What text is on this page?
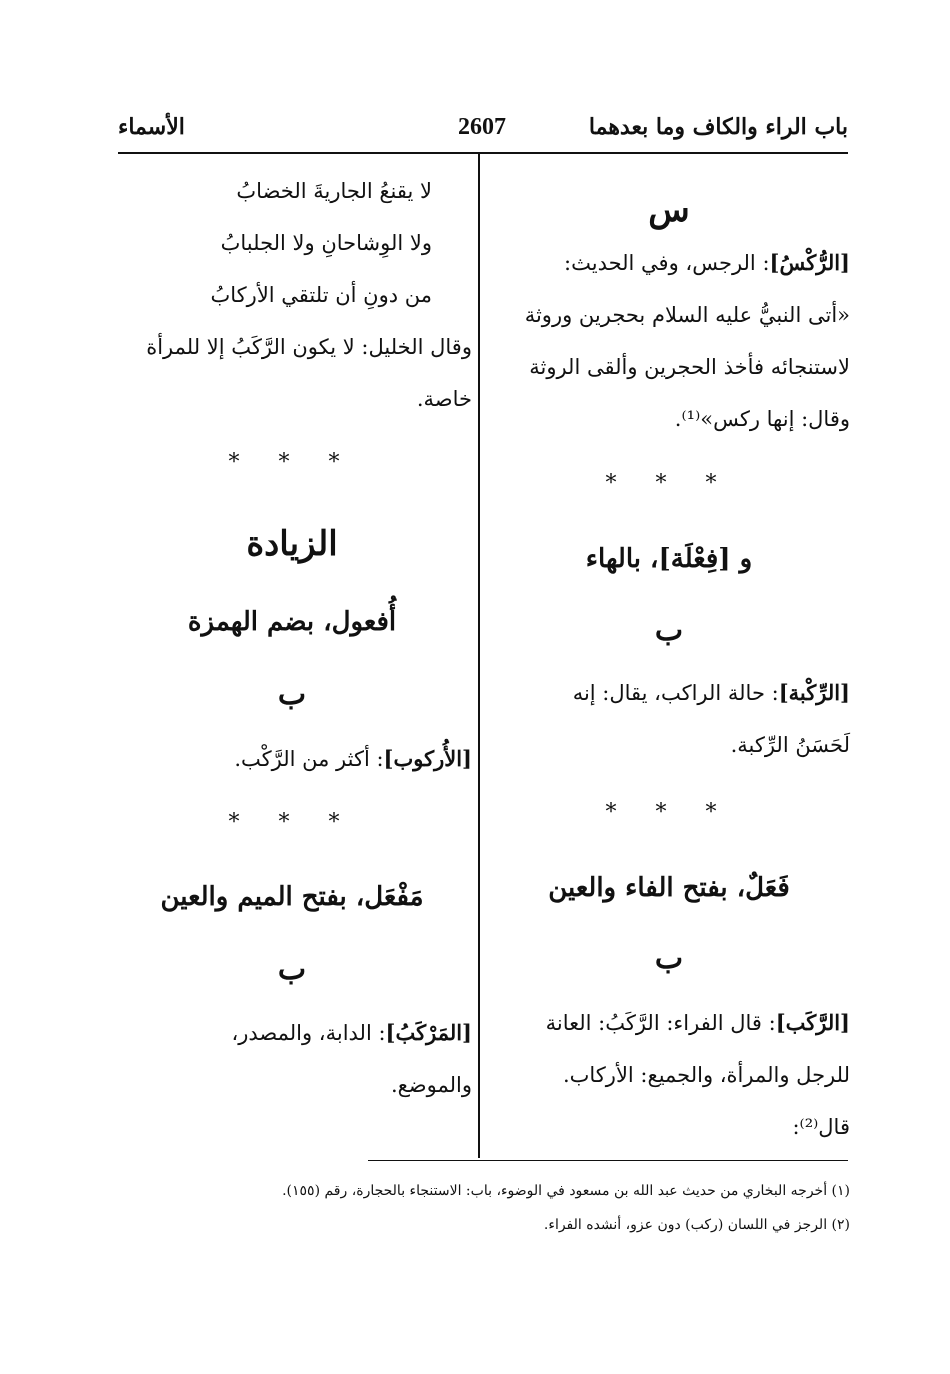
باب الراء والكاف وما بعدهما
2607
الأسماء

س

[الرُّكْسُ]: الرجس، وفي الحديث:

«أتى النبيُّ عليه السلام بحجرين وروثة

لاستنجائه فأخذ الحجرين وألقى الروثة

وقال: إنها ركس»⁽¹⁾.

* * *

و [فِعْلَة]، بالهاء

ب

[الرِّكْبة]: حالة الراكب، يقال: إنه

لَحَسَنُ الرِّكبة.

* * *

فَعَلٌ، بفتح الفاء والعين

ب

[الرَّكَب]: قال الفراء: الرَّكَبُ: العانة

للرجل والمرأة، والجميع: الأركاب.

قال⁽²⁾:

لا يقنعُ الجاريةَ الخضابُ

ولا الوِشاحانِ ولا الجلبابُ

من دونِ أن تلتقي الأركابُ

وقال الخليل: لا يكون الرَّكَبُ إلا للمرأة

خاصة.

* * *

الزيادة

أُفعول، بضم الهمزة

ب

[الأُركوب]: أكثر من الرَّكْب.

* * *

مَفْعَل، بفتح الميم والعين

ب

[المَرْكَبُ]: الدابة، والمصدر،

والموضع.

(١) أخرجه البخاري من حديث عبد الله بن مسعود في الوضوء، باب: الاستنجاء بالحجارة، رقم (١٥٥).

(٢) الرجز في اللسان (ركب) دون عزو، أنشده الفراء.
